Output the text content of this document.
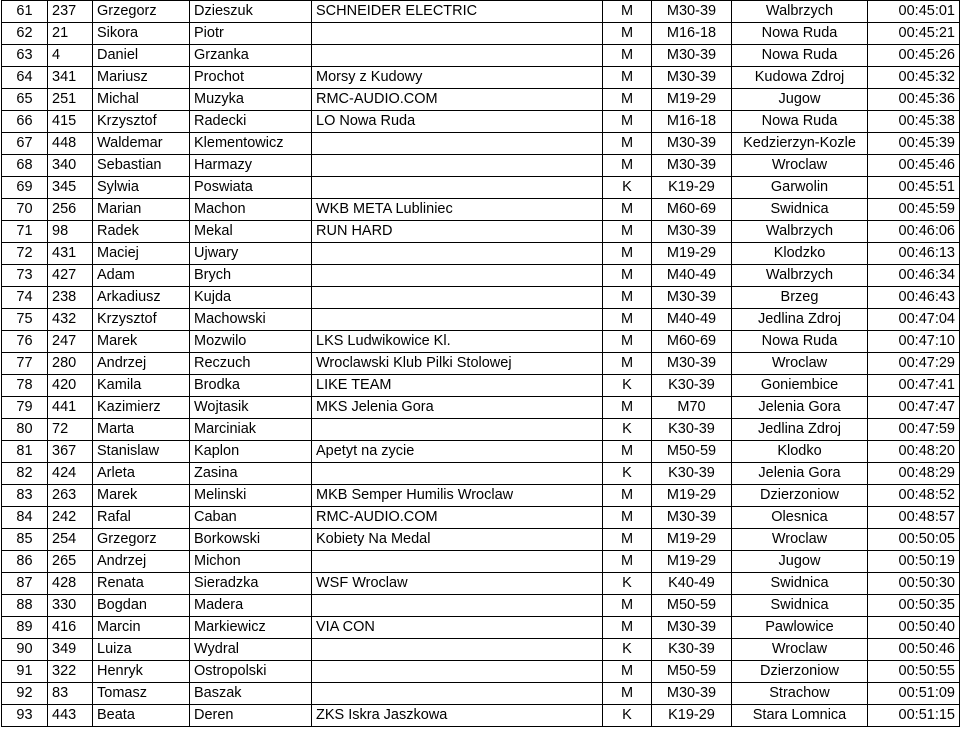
61	237	Grzegorz	Dzieszuk	SCHNEIDER ELECTRIC	M	M30-39	Walbrzych	00:45:01
62	21	Sikora	Piotr		M	M16-18	Nowa Ruda	00:45:21
63	4	Daniel	Grzanka		M	M30-39	Nowa Ruda	00:45:26
64	341	Mariusz	Prochot	Morsy z Kudowy	M	M30-39	Kudowa Zdroj	00:45:32
65	251	Michal	Muzyka	RMC-AUDIO.COM	M	M19-29	Jugow	00:45:36
66	415	Krzysztof	Radecki	LO Nowa Ruda	M	M16-18	Nowa Ruda	00:45:38
67	448	Waldemar	Klementowicz		M	M30-39	Kedzierzyn-Kozle	00:45:39
68	340	Sebastian	Harmazy		M	M30-39	Wroclaw	00:45:46
69	345	Sylwia	Poswiata		K	K19-29	Garwolin	00:45:51
70	256	Marian	Machon	WKB META Lubliniec	M	M60-69	Swidnica	00:45:59
71	98	Radek	Mekal	RUN HARD	M	M30-39	Walbrzych	00:46:06
72	431	Maciej	Ujwary		M	M19-29	Klodzko	00:46:13
73	427	Adam	Brych		M	M40-49	Walbrzych	00:46:34
74	238	Arkadiusz	Kujda		M	M30-39	Brzeg	00:46:43
75	432	Krzysztof	Machowski		M	M40-49	Jedlina Zdroj	00:47:04
76	247	Marek	Mozwilo	LKS Ludwikowice Kl.	M	M60-69	Nowa Ruda	00:47:10
77	280	Andrzej	Reczuch	Wroclawski Klub Pilki Stolowej	M	M30-39	Wroclaw	00:47:29
78	420	Kamila	Brodka	LIKE TEAM	K	K30-39	Goniembice	00:47:41
79	441	Kazimierz	Wojtasik	MKS Jelenia Gora	M	M70	Jelenia Gora	00:47:47
80	72	Marta	Marciniak		K	K30-39	Jedlina Zdroj	00:47:59
81	367	Stanislaw	Kaplon	Apetyt na zycie	M	M50-59	Klodko	00:48:20
82	424	Arleta	Zasina		K	K30-39	Jelenia Gora	00:48:29
83	263	Marek	Melinski	MKB Semper Humilis Wroclaw	M	M19-29	Dzierzoniow	00:48:52
84	242	Rafal	Caban	RMC-AUDIO.COM	M	M30-39	Olesnica	00:48:57
85	254	Grzegorz	Borkowski	Kobiety Na Medal	M	M19-29	Wroclaw	00:50:05
86	265	Andrzej	Michon		M	M19-29	Jugow	00:50:19
87	428	Renata	Sieradzka	WSF Wroclaw	K	K40-49	Swidnica	00:50:30
88	330	Bogdan	Madera		M	M50-59	Swidnica	00:50:35
89	416	Marcin	Markiewicz	VIA CON	M	M30-39	Pawlowice	00:50:40
90	349	Luiza	Wydral		K	K30-39	Wroclaw	00:50:46
91	322	Henryk	Ostropolski		M	M50-59	Dzierzoniow	00:50:55
92	83	Tomasz	Baszak		M	M30-39	Strachow	00:51:09
93	443	Beata	Deren	ZKS Iskra Jaszkowa	K	K19-29	Stara Lomnica	00:51:15
